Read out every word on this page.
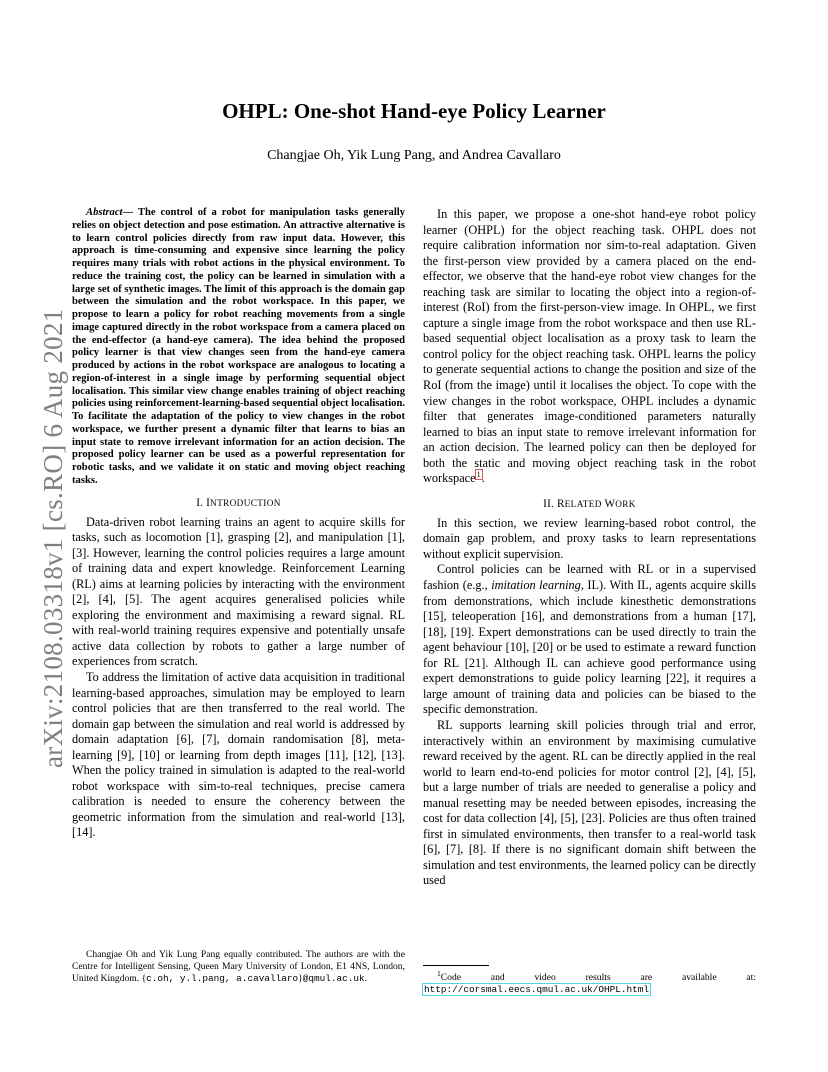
arXiv:2108.03318v1 [cs.RO] 6 Aug 2021
OHPL: One-shot Hand-eye Policy Learner
Changjae Oh, Yik Lung Pang, and Andrea Cavallaro

Abstract— The control of a robot for manipulation tasks generally relies on object detection and pose estimation. An attractive alternative is to learn control policies directly from raw input data. However, this approach is time-consuming and expensive since learning the policy requires many trials with robot actions in the physical environment. To reduce the training cost, the policy can be learned in simulation with a large set of synthetic images. The limit of this approach is the domain gap between the simulation and the robot workspace. In this paper, we propose to learn a policy for robot reaching movements from a single image captured directly in the robot workspace from a camera placed on the end-effector (a hand-eye camera). The idea behind the proposed policy learner is that view changes seen from the hand-eye camera produced by actions in the robot workspace are analogous to locating a region-of-interest in a single image by performing sequential object localisation. This similar view change enables training of object reaching policies using reinforcement-learning-based sequential object localisation. To facilitate the adaptation of the policy to view changes in the robot workspace, we further present a dynamic filter that learns to bias an input state to remove irrelevant information for an action decision. The proposed policy learner can be used as a powerful representation for robotic tasks, and we validate it on static and moving object reaching tasks.

I. INTRODUCTION

Data-driven robot learning trains an agent to acquire skills for tasks, such as locomotion [1], grasping [2], and manipulation [1], [3]. However, learning the control policies requires a large amount of training data and expert knowledge. Reinforcement Learning (RL) aims at learning policies by interacting with the environment [2], [4], [5]. The agent acquires generalised policies while exploring the environment and maximising a reward signal. RL with real-world training requires expensive and potentially unsafe active data collection by robots to gather a large number of experiences from scratch.

To address the limitation of active data acquisition in traditional learning-based approaches, simulation may be employed to learn control policies that are then transferred to the real world. The domain gap between the simulation and real world is addressed by domain adaptation [6], [7], domain randomisation [8], meta-learning [9], [10] or learning from depth images [11], [12], [13]. When the policy trained in simulation is adapted to the real-world robot workspace with sim-to-real techniques, precise camera calibration is needed to ensure the coherency between the geometric information from the simulation and real-world [13], [14].

In this paper, we propose a one-shot hand-eye robot policy learner (OHPL) for the object reaching task. OHPL does not require calibration information nor sim-to-real adaptation. Given the first-person view provided by a camera placed on the end-effector, we observe that the hand-eye robot view changes for the reaching task are similar to locating the object into a region-of-interest (RoI) from the first-person-view image. In OHPL, we first capture a single image from the robot workspace and then use RL-based sequential object localisation as a proxy task to learn the control policy for the object reaching task. OHPL learns the policy to generate sequential actions to change the position and size of the RoI (from the image) until it localises the object. To cope with the view changes in the robot workspace, OHPL includes a dynamic filter that generates image-conditioned parameters naturally learned to bias an input state to remove irrelevant information for an action decision. The learned policy can then be deployed for both the static and moving object reaching task in the robot workspace$^1$.

II. RELATED WORK

In this section, we review learning-based robot control, the domain gap problem, and proxy tasks to learn representations without explicit supervision.

Control policies can be learned with RL or in a supervised fashion (e.g., imitation learning, IL). With IL, agents acquire skills from demonstrations, which include kinesthetic demonstrations [15], teleoperation [16], and demonstrations from a human [17], [18], [19]. Expert demonstrations can be used directly to train the agent behaviour [10], [20] or be used to estimate a reward function for RL [21]. Although IL can achieve good performance using expert demonstrations to guide policy learning [22], it requires a large amount of training data and policies can be biased to the specific demonstration.

RL supports learning skill policies through trial and error, interactively within an environment by maximising cumulative reward received by the agent. RL can be directly applied in the real world to learn end-to-end policies for motor control [2], [4], [5], but a large number of trials are needed to generalise a policy and manual resetting may be needed between episodes, increasing the cost for data collection [4], [5], [23]. Policies are thus often trained first in simulated environments, then transfer to a real-world task [6], [7], [8]. If there is no significant domain shift between the simulation and test environments, the learned policy can be directly used

Changjae Oh and Yik Lung Pang equally contributed. The authors are with the Centre for Intelligent Sensing, Queen Mary University of London, E1 4NS, London, United Kingdom. {c.oh, y.l.pang, a.cavallaro}@qmul.ac.uk.	$^1$Code and video results are available at: http://corsmal.eecs.qmul.ac.uk/OHPL.html
